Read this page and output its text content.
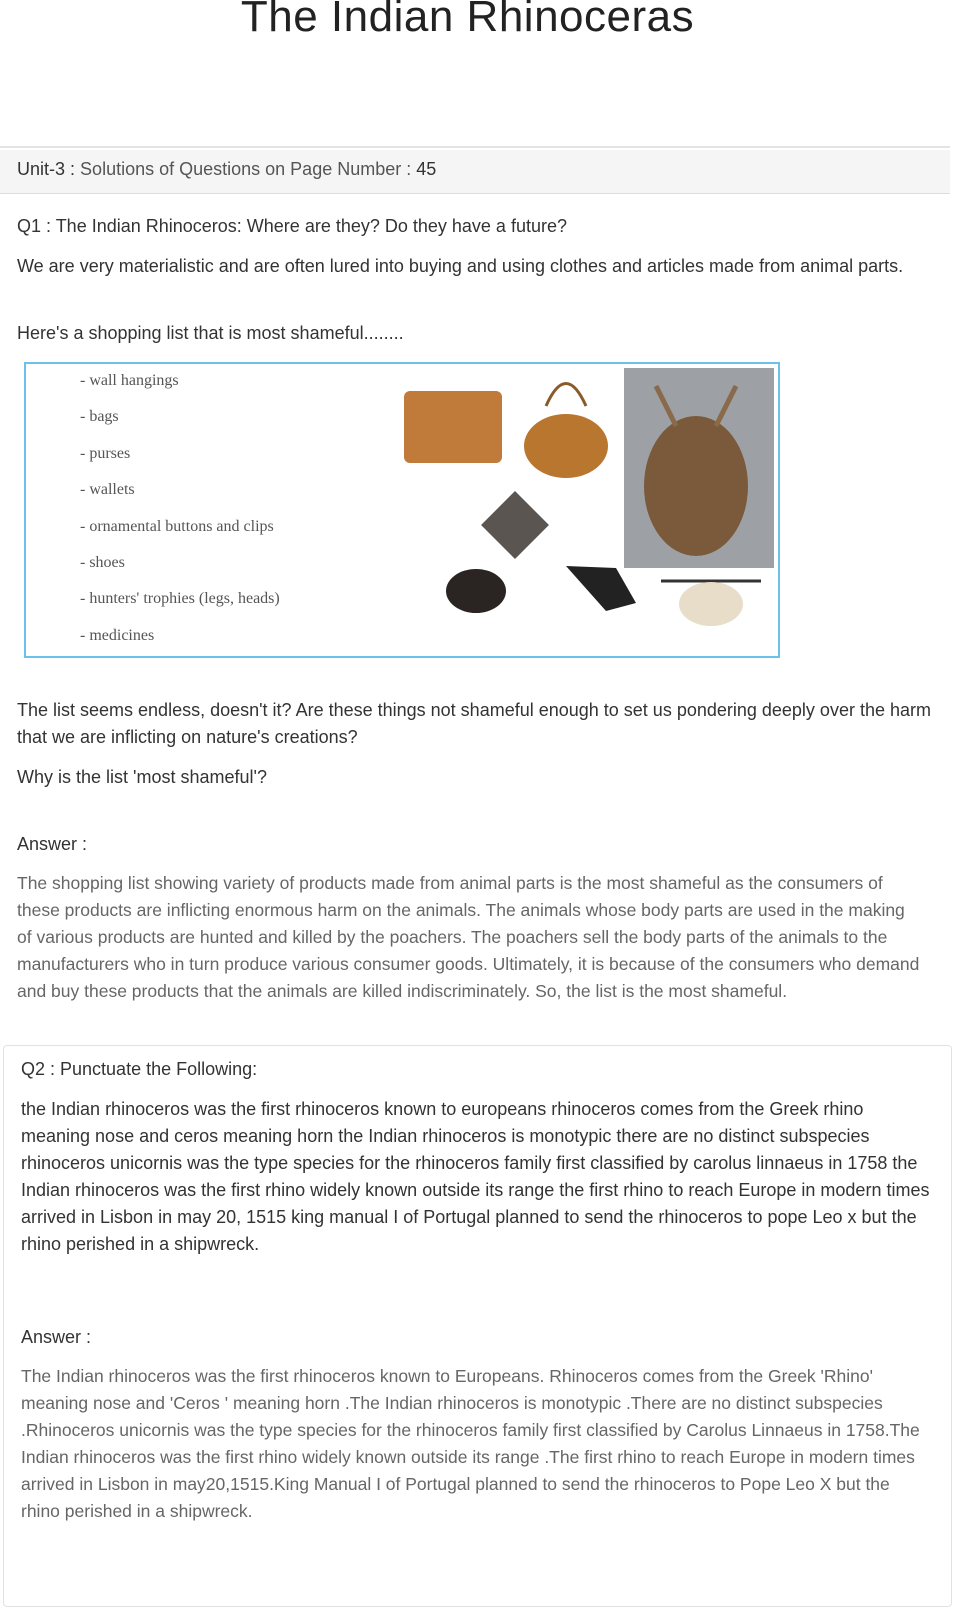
The Indian Rhinoceras
Unit-3 : Solutions of Questions on Page Number : 45

Q1 : The Indian Rhinoceros: Where are they? Do they have a future?

We are very materialistic and are often lured into buying and using clothes and articles made from animal parts.

Here's a shopping list that is most shameful........

- wall hangings
- bags
- purses
- wallets
- ornamental buttons and clips
- shoes
- hunters' trophies (legs, heads)
- medicines

The list seems endless, doesn't it? Are these things not shameful enough to set us pondering deeply over the harm that we are inflicting on nature's creations?

Why is the list 'most shameful'?

Answer :

The shopping list showing variety of products made from animal parts is the most shameful as the consumers of these products are inflicting enormous harm on the animals. The animals whose body parts are used in the making of various products are hunted and killed by the poachers. The poachers sell the body parts of the animals to the manufacturers who in turn produce various consumer goods. Ultimately, it is because of the consumers who demand and buy these products that the animals are killed indiscriminately. So, the list is the most shameful.

Q2 : Punctuate the Following:

the Indian rhinoceros was the first rhinoceros known to europeans rhinoceros comes from the Greek rhino meaning nose and ceros meaning horn the Indian rhinoceros is monotypic there are no distinct subspecies rhinoceros unicornis was the type species for the rhinoceros family first classified by carolus linnaeus in 1758 the Indian rhinoceros was the first rhino widely known outside its range the first rhino to reach Europe in modern times arrived in Lisbon in may 20, 1515 king manual I of Portugal planned to send the rhinoceros to pope Leo x but the rhino perished in a shipwreck.

Answer :

The Indian rhinoceros was the first rhinoceros known to Europeans. Rhinoceros comes from the Greek 'Rhino' meaning nose and 'Ceros ' meaning horn .The Indian rhinoceros is monotypic .There are no distinct subspecies .Rhinoceros unicornis was the type species for the rhinoceros family first classified by Carolus Linnaeus in 1758.The Indian rhinoceros was the first rhino widely known outside its range .The first rhino to reach Europe in modern times arrived in Lisbon in may20,1515.King Manual I of Portugal planned to send the rhinoceros to Pope Leo X but the rhino perished in a shipwreck.
